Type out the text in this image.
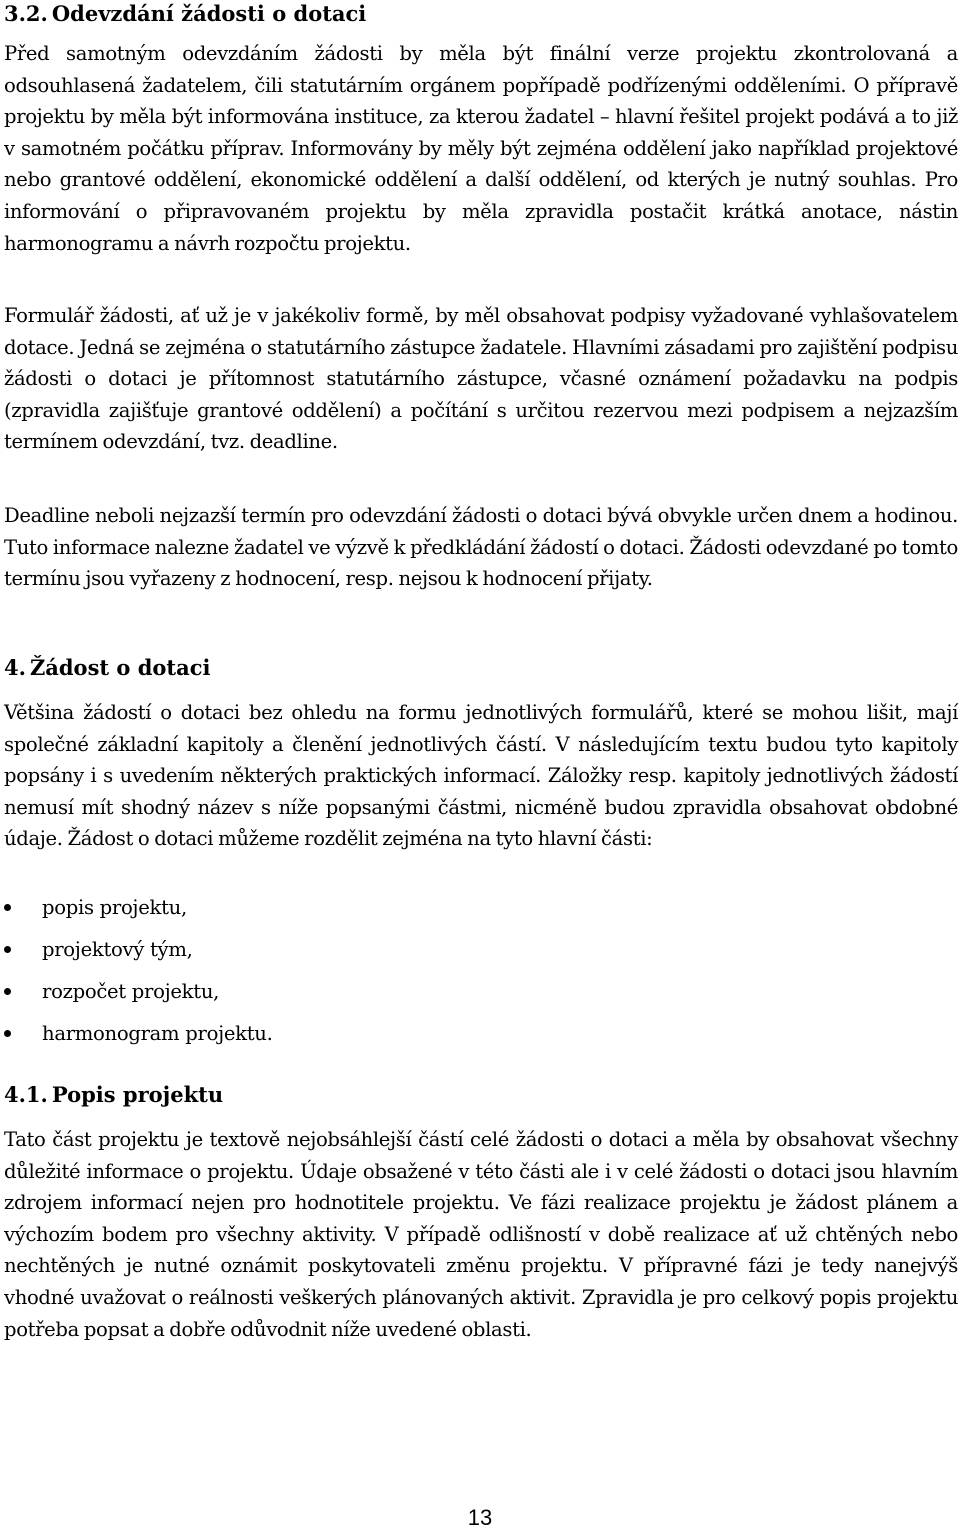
3.2. Odevzdání žádosti o dotaci

Před samotným odevzdáním žádosti by měla být finální verze projektu zkontrolovaná a odsouhlasená žadatelem, čili statutárním orgánem popřípadě podřízenými odděleními. O přípravě projektu by měla být informována instituce, za kterou žadatel – hlavní řešitel projekt podává a to již v samotném počátku příprav. Informovány by měly být zejména oddělení jako například projektové nebo grantové oddělení, ekonomické oddělení a další oddělení, od kterých je nutný souhlas. Pro informování o připravovaném projektu by měla zpravidla postačit krátká anotace, nástin harmonogramu a návrh rozpočtu projektu.

Formulář žádosti, ať už je v jakékoliv formě, by měl obsahovat podpisy vyžadované vyhlašovatelem dotace. Jedná se zejména o statutárního zástupce žadatele. Hlavními zásadami pro zajištění podpisu žádosti o dotaci je přítomnost statutárního zástupce, včasné oznámení požadavku na podpis (zpravidla zajišťuje grantové oddělení) a počítání s určitou rezervou mezi podpisem a nejzazším termínem odevzdání, tvz. deadline.

Deadline neboli nejzazší termín pro odevzdání žádosti o dotaci bývá obvykle určen dnem a hodinou. Tuto informace nalezne žadatel ve výzvě k předkládání žádostí o dotaci. Žádosti odevzdané po tomto termínu jsou vyřazeny z hodnocení, resp. nejsou k hodnocení přijaty.

4. Žádost o dotaci

Většina žádostí o dotaci bez ohledu na formu jednotlivých formulářů, které se mohou lišit, mají společné základní kapitoly a členění jednotlivých částí. V následujícím textu budou tyto kapitoly popsány i s uvedením některých praktických informací. Záložky resp. kapitoly jednotlivých žádostí nemusí mít shodný název s níže popsanými částmi, nicméně budou zpravidla obsahovat obdobné údaje. Žádost o dotaci můžeme rozdělit zejména na tyto hlavní části:

popis projektu,
projektový tým,
rozpočet projektu,
harmonogram projektu.
4.1. Popis projektu

Tato část projektu je textově nejobsáhlejší částí celé žádosti o dotaci a měla by obsahovat všechny důležité informace o projektu. Údaje obsažené v této části ale i v celé žádosti o dotaci jsou hlavním zdrojem informací nejen pro hodnotitele projektu. Ve fázi realizace projektu je žádost plánem a výchozím bodem pro všechny aktivity. V případě odlišností v době realizace ať už chtěných nebo nechtěných je nutné oznámit poskytovateli změnu projektu. V přípravné fázi je tedy nanejvýš vhodné uvažovat o reálnosti veškerých plánovaných aktivit. Zpravidla je pro celkový popis projektu potřeba popsat a dobře odůvodnit níže uvedené oblasti.

13
